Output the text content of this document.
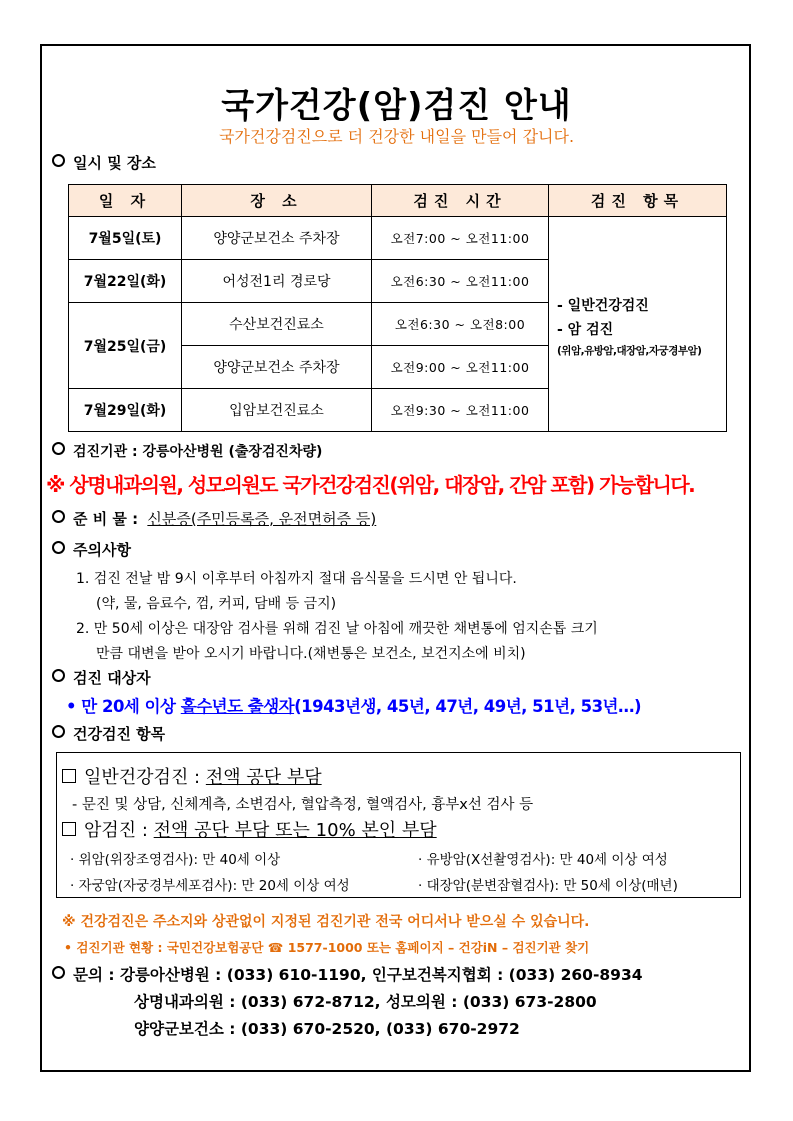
국가건강(암)검진 안내
국가건강검진으로 더 건강한 내일을 만들어 갑니다.
일시 및 장소
일 자	장 소	검진 시간	검진 항목
7월5일(토)	양양군보건소 주차장	오전7:00 ~ 오전11:00	- 일반건강검진
- 암 검진
(위암,유방암,대장암,자궁경부암)

7월22일(화)	어성전1리 경로당	오전6:30 ~ 오전11:00	
7월25일(금)	수산보건진료소	오전6:30 ~ 오전8:00	
	양양군보건소 주차장	오전9:00 ~ 오전11:00	
7월29일(화)	입암보건진료소	오전9:30 ~ 오전11:00	
검진기관 : 강릉아산병원 (출장검진차량)
※ 상명내과의원, 성모의원도 국가건강검진(위암, 대장암, 간암 포함) 가능합니다.
준 비 물 : 신분증(주민등록증, 운전면허증 등)
주의사항
1. 검진 전날 밤 9시 이후부터 아침까지 절대 음식물을 드시면 안 됩니다.
(약, 물, 음료수, 껌, 커피, 담배 등 금지)
2. 만 50세 이상은 대장암 검사를 위해 검진 날 아침에 깨끗한 채변통에 엄지손톱 크기
만큼 대변을 받아 오시기 바랍니다.(채변통은 보건소, 보건지소에 비치)
검진 대상자
• 만 20세 이상 홀수년도 출생자(1943년생, 45년, 47년, 49년, 51년, 53년…)
건강검진 항목
일반건강검진 : 전액 공단 부담
- 문진 및 상담, 신체계측, 소변검사, 혈압측정, 혈액검사, 흉부x선 검사 등
암검진 : 전액 공단 부담 또는 10% 본인 부담
· 위암(위장조영검사): 만 40세 이상	· 유방암(X선촬영검사): 만 40세 이상 여성
· 자궁암(자궁경부세포검사): 만 20세 이상 여성	· 대장암(분변잠혈검사): 만 50세 이상(매년)
※ 건강검진은 주소지와 상관없이 지정된 검진기관 전국 어디서나 받으실 수 있습니다.
• 검진기관 현황 : 국민건강보험공단 ☎ 1577-1000 또는 홈페이지 – 건강iN – 검진기관 찾기
문의 : 강릉아산병원 : (033) 610-1190, 인구보건복지협회 : (033) 260-8934
상명내과의원 : (033) 672-8712, 성모의원 : (033) 673-2800
양양군보건소 : (033) 670-2520, (033) 670-2972
